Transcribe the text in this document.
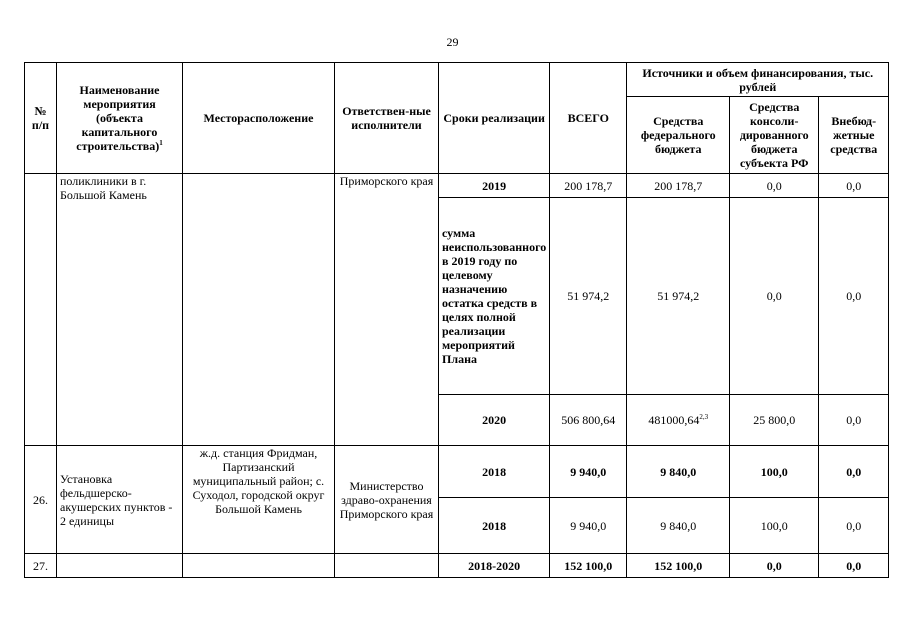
29
№ п/п	Наименование мероприятия (объекта капитального строительства)$^1$	Месторасположение	Ответствен-ные исполнители	Сроки реализации	ВСЕГО	Источники и объем финансирования, тыс. рублей		
						Средства федерального бюджета	Средства консоли-дированного бюджета субъекта РФ	Внебюд-жетные средства
	поликлиники в г. Большой Камень		Приморского края	2019	200 178,7	200 178,7	0,0	0,0
				сумма неиспользованного в 2019 году по целевому назначению остатка средств в целях полной реализации мероприятий Плана	51 974,2	51 974,2	0,0	0,0
				2020	506 800,64	481000,64$^{2,3}$	25 800,0	0,0
26.	Установка фельдшерско-акушерских пунктов - 2 единицы	ж.д. станция Фридман, Партизанский муниципальный район; с. Суходол, городской округ Большой Камень	Министерство здраво-охранения Приморского края	2018	9 940,0	9 840,0	100,0	0,0
				2018	9 940,0	9 840,0	100,0	0,0
27.				2018-2020	152 100,0	152 100,0	0,0	0,0
